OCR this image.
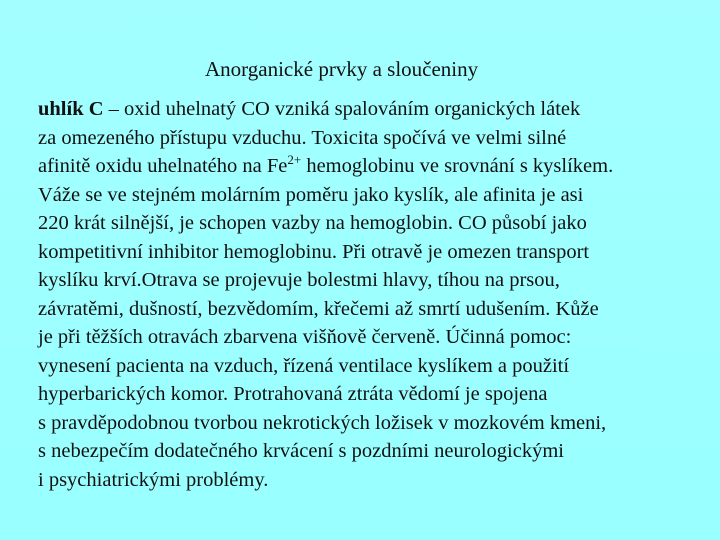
Anorganické prvky a sloučeniny
uhlík C – oxid uhelnatý CO vzniká spalováním organických látek
za omezeného přístupu vzduchu. Toxicita spočívá ve velmi silné
afinitě oxidu uhelnatého na $Fe^{2+}$ hemoglobinu ve srovnání s kyslíkem.
Váže se ve stejném molárním poměru jako kyslík, ale afinita je asi
220 krát silnější, je schopen vazby na hemoglobin. CO působí jako
kompetitivní inhibitor hemoglobinu. Při otravě je omezen transport
kyslíku krví.Otrava se projevuje bolestmi hlavy, tíhou na prsou,
závratěmi, dušností, bezvědomím, křečemi až smrtí udušením. Kůže
je při těžších otravách zbarvena višňově červeně. Účinná pomoc:
vynesení pacienta na vzduch, řízená ventilace kyslíkem a použití
hyperbarických komor. Protrahovaná ztráta vědomí je spojena
s pravděpodobnou tvorbou nekrotických ložisek v mozkovém kmeni,
s nebezpečím dodatečného krvácení s pozdními neurologickými
i psychiatrickými problémy.
